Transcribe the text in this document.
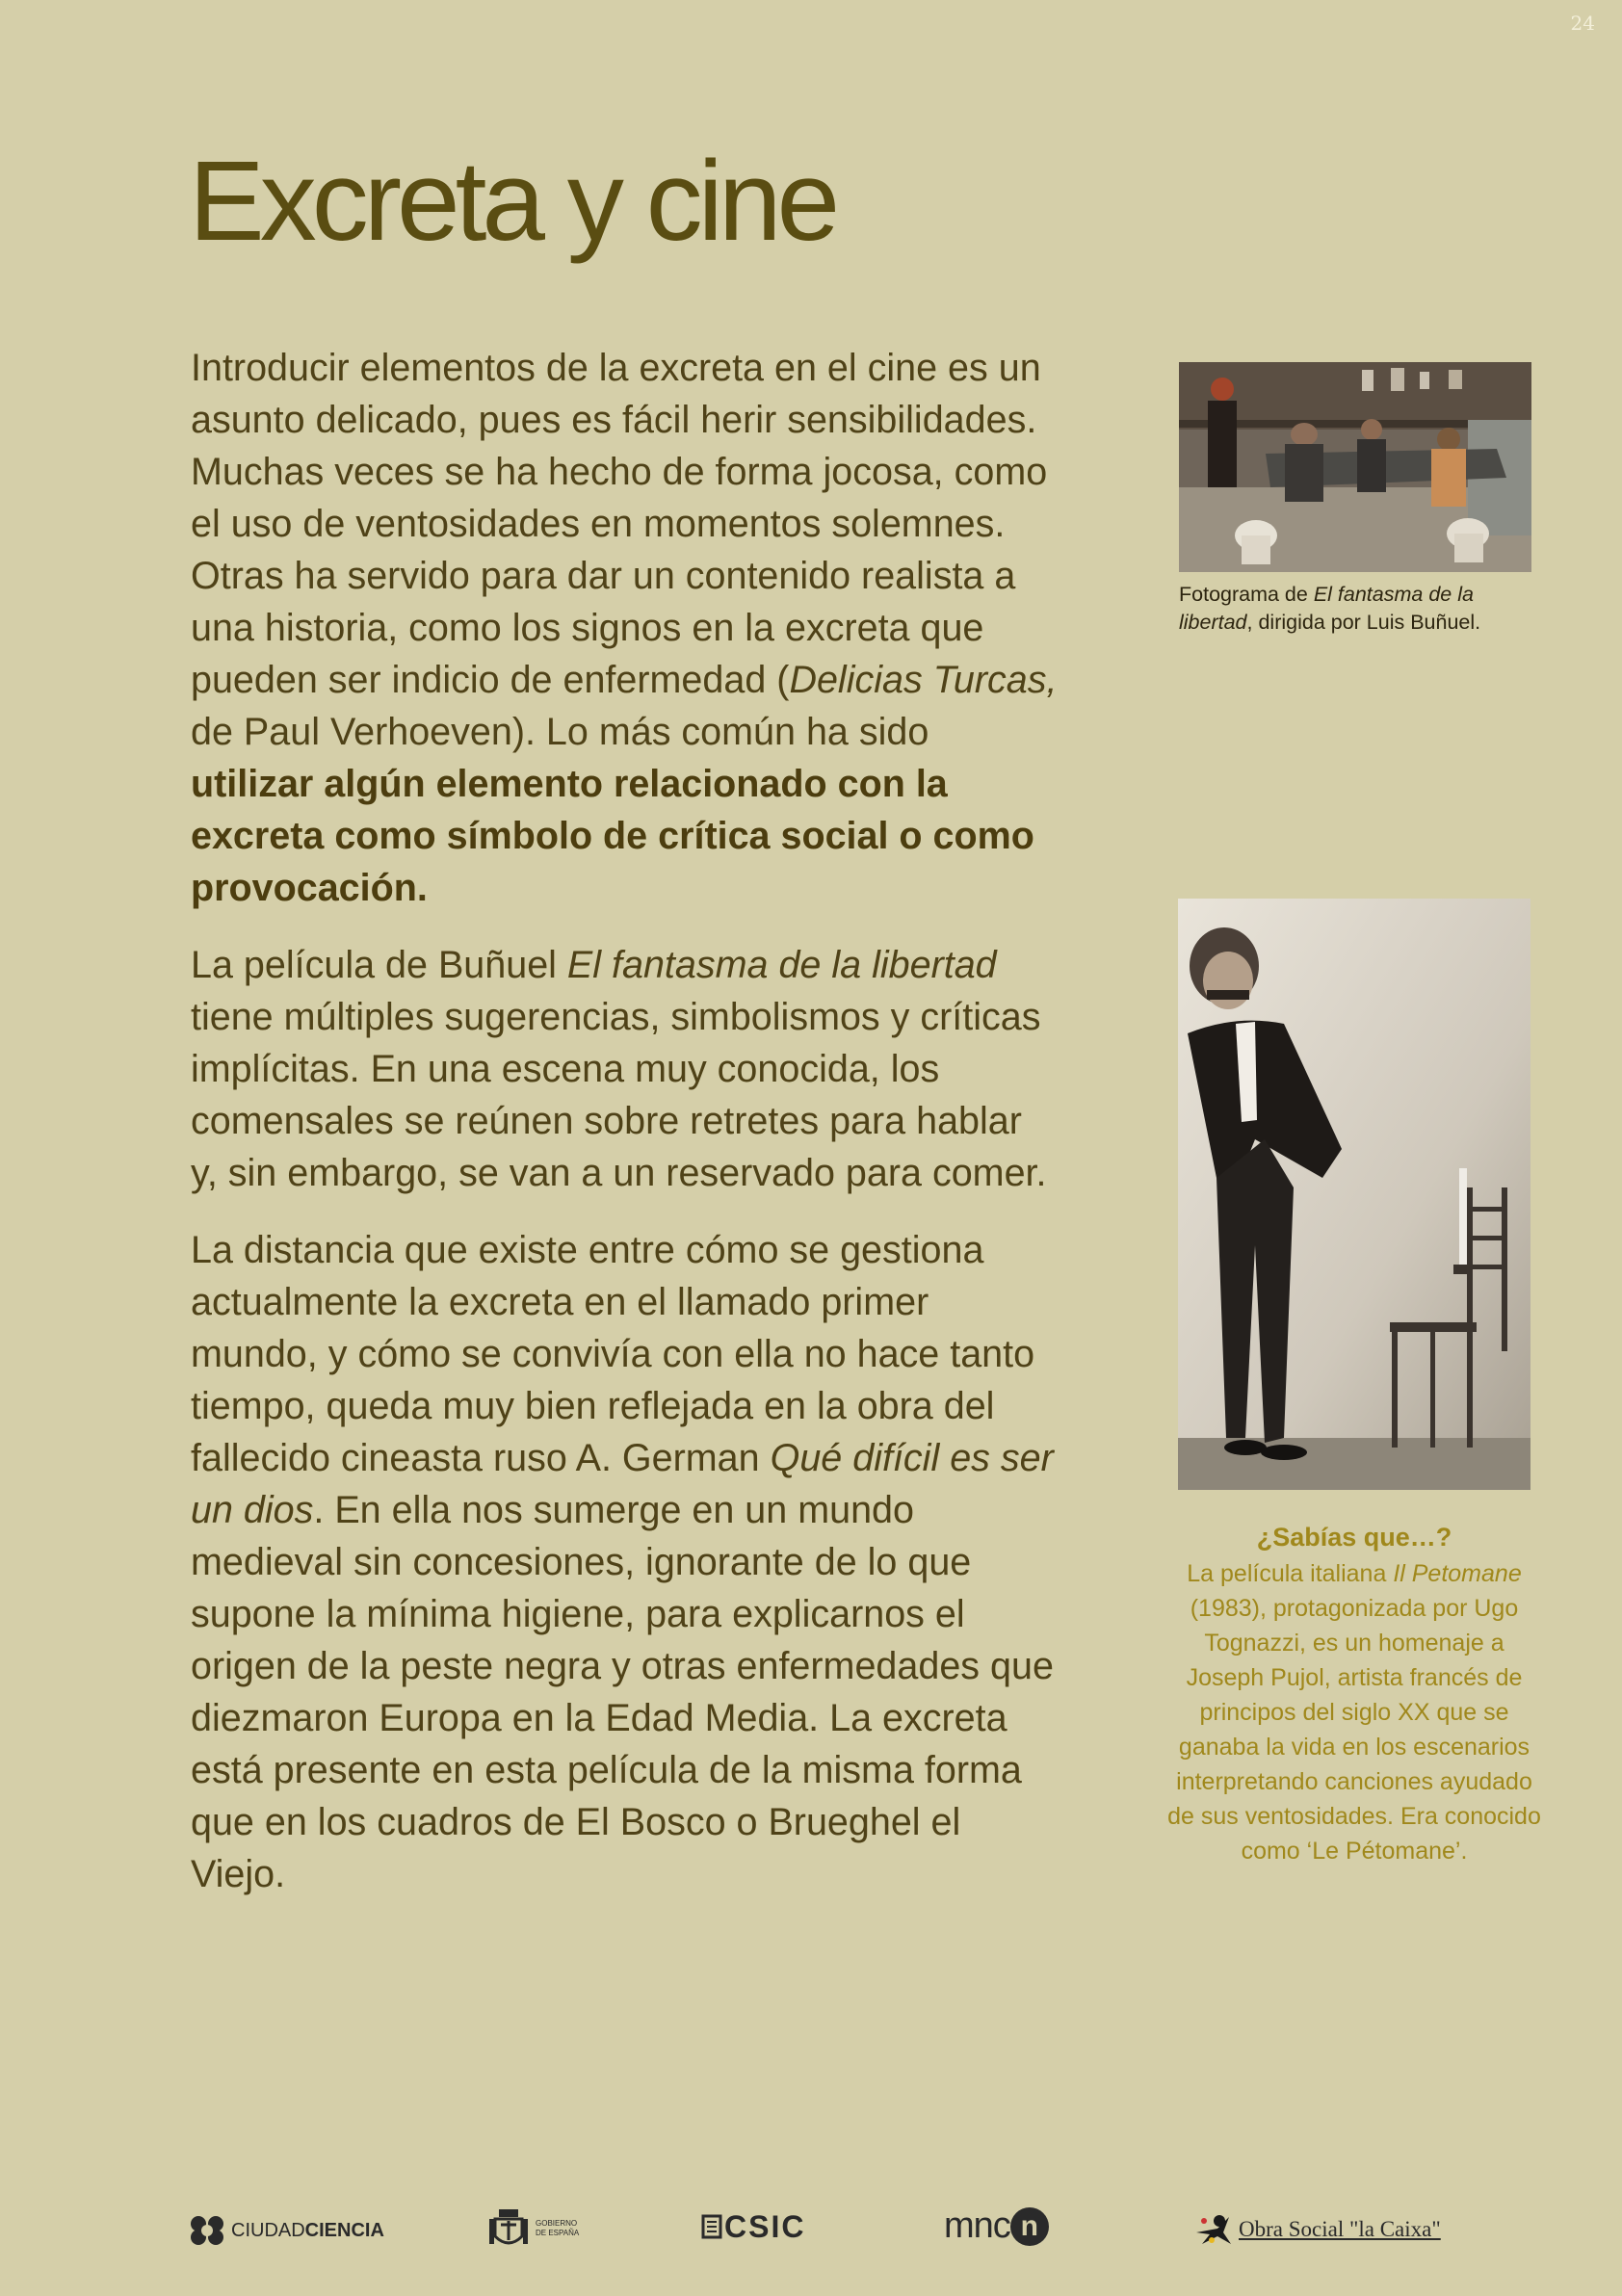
24
Excreta y cine

Introducir elementos de la excreta en el cine es un asunto delicado, pues es fácil herir sensibilidades. Muchas veces se ha hecho de forma jocosa, como el uso de ventosidades en momentos solemnes. Otras ha servido para dar un contenido realista a una historia, como los signos en la excreta que pueden ser indicio de enfermedad (Delicias Turcas, de Paul Verhoeven). Lo más común ha sido utilizar algún elemento relacionado con la excreta como símbolo de crítica social o como provocación.

La película de Buñuel El fantasma de la libertad tiene múltiples sugerencias, simbolismos y críticas implícitas. En una escena muy conocida, los comensales se reúnen sobre retretes para hablar y, sin embargo, se van a un reservado para comer.

La distancia que existe entre cómo se gestiona actualmente la excreta en el llamado primer mundo, y cómo se convivía con ella no hace tanto tiempo, queda muy bien reflejada en la obra del fallecido cineasta ruso A. German Qué difícil es ser un dios. En ella nos sumerge en un mundo medieval sin concesiones, ignorante de lo que supone la mínima higiene, para explicarnos el origen de la peste negra y otras enfermedades que diezmaron Europa en la Edad Media. La excreta está presente en esta película de la misma forma que en los cuadros de El Bosco o Brueghel el Viejo.

Fotograma de El fantasma de la libertad, dirigida por Luis Buñuel.
¿Sabías que…?
La película italiana Il Petomane (1983), protagonizada por Ugo Tognazzi, es un homenaje a Joseph Pujol, artista francés de principos del siglo XX que se ganaba la vida en los escenarios interpretando canciones ayudado de sus ventosidades. Era conocido como ‘Le Pétomane’.
CIUDAD CIENCIA	GOBIERNO
DE ESPAÑA	CSIC	mnc n	Obra Social "la Caixa"
